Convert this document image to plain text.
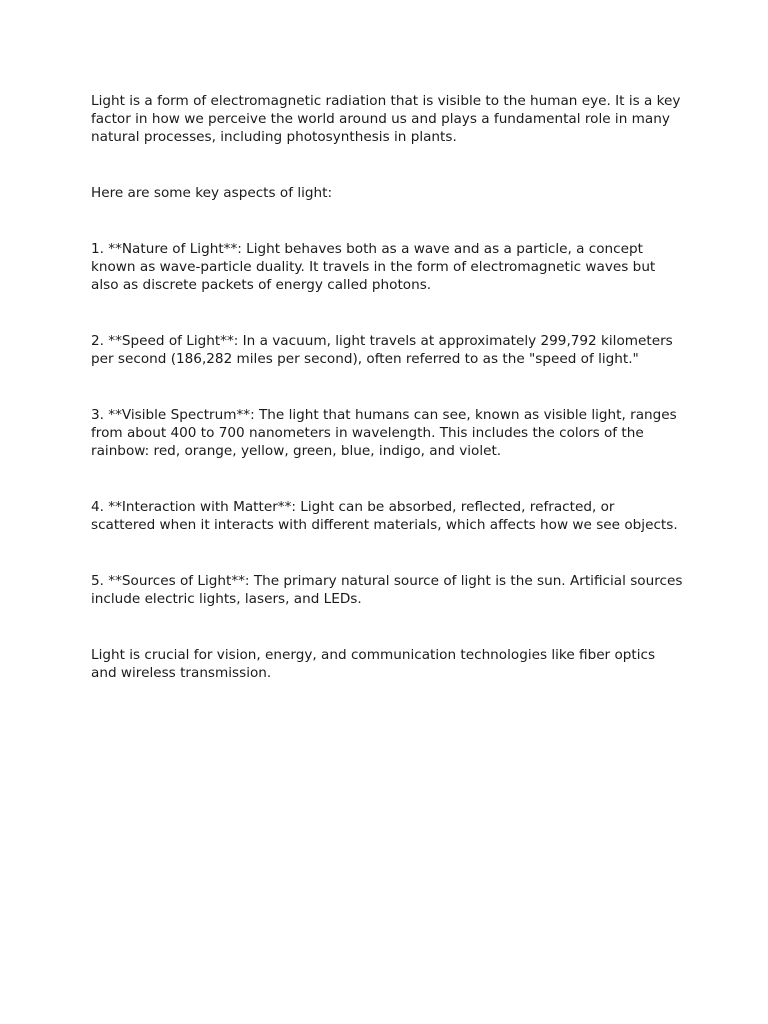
Light is a form of electromagnetic radiation that is visible to the human eye. It is a key factor in how we perceive the world around us and plays a fundamental role in many natural processes, including photosynthesis in plants.

Here are some key aspects of light:

1. **Nature of Light**: Light behaves both as a wave and as a particle, a concept known as wave-particle duality. It travels in the form of electromagnetic waves but also as discrete packets of energy called photons.

2. **Speed of Light**: In a vacuum, light travels at approximately 299,792 kilometers per second (186,282 miles per second), often referred to as the "speed of light."

3. **Visible Spectrum**: The light that humans can see, known as visible light, ranges from about 400 to 700 nanometers in wavelength. This includes the colors of the rainbow: red, orange, yellow, green, blue, indigo, and violet.

4. **Interaction with Matter**: Light can be absorbed, reflected, refracted, or scattered when it interacts with different materials, which affects how we see objects.

5. **Sources of Light**: The primary natural source of light is the sun. Artificial sources include electric lights, lasers, and LEDs.

Light is crucial for vision, energy, and communication technologies like fiber optics and wireless transmission.
